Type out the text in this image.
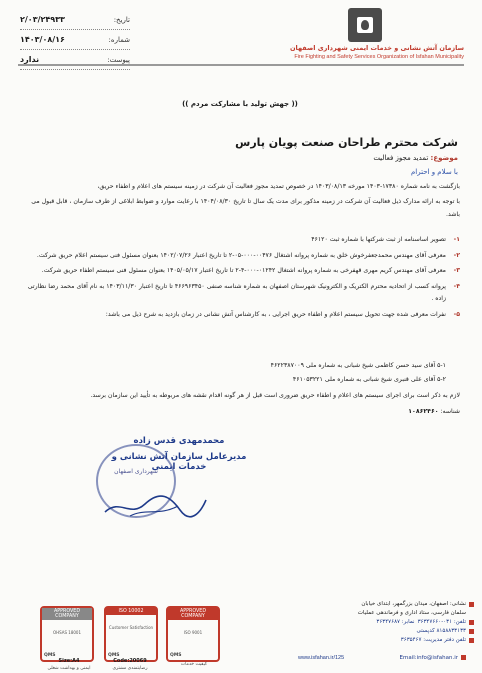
تاریخ:
۲/۰۳/۲۴۹۳۳
شماره:
۱۴۰۳/۰۸/۱۶
پیوست:
ندارد
سازمان آتش نشانی و خدمات ایمنی شهرداری اصفهان
Fire Fighting and Safety Services Organization of Isfahan Municipality
(( جهش تولید با مشارکت مردم ))
شرکت محترم طراحان صنعت پویان پارس
موضوع: تمدید مجوز فعالیت
با سلام و احترام
بازگشت به نامه شماره ۱۷۳۸۰-۱۴۰۳ مورخه ۱۴۰۳/۰۸/۱۳ در خصوص تمدید مجوز فعالیت آن شرکت در زمینه سیستم های اعلام و اطفاء حریق،
با توجه به ارائه مدارک ذیل فعالیت آن شرکت در زمینه مذکور برای مدت یک سال تا تاریخ ۱۴۰۴/۰۸/۳۰ با رعایت موارد و ضوابط ابلاغی از طرف سازمان ، قابل قبول می باشد.
۱-
تصویر اساسنامه از ثبت شرکتها با شماره ثبت ۴۶۱۲۰
۲-
معرفی آقای مهندس محمدجعفرخوش خلق به شماره پروانه اشتغال ۰۰۴۷۶-۰۰۰-۰۵-۲ تا تاریخ اعتبار ۱۴۰۲/۰۷/۲۶ بعنوان مسئول فنی سیستم اعلام حریق شرکت.
۳-
معرفی آقای مهندس کریم مهری قهفرخی به شماره پروانه اشتغال ۰۱۲۴۲-۰۰۰-۴-۲ تا تاریخ اعتبار ۱۴۰۵/۰۵/۱۷ بعنوان مسئول فنی سیستم اطفاء حریق شرکت.
۴-
پروانه کسب از اتحادیه محترم الکتریک و الکترونیک شهرستان اصفهان به شماره شناسه صنفی ۴۶۶۹۶۳۴۵۰ تا تاریخ اعتبار ۱۴۰۳/۱۱/۳۰ به نام آقای محمد رضا نظارتی زاده .
۵-
نفرات معرفی شده جهت تحویل سیستم اعلام و اطفاء حریق اجرایی ، به کارشناس آتش نشانی در زمان بازدید به شرح ذیل می باشد:
۵-۱ آقای سید حسن کاظمی شیخ شبانی به شماره ملی ۴۶۲۲۳۸۷۰۰۹
۵-۲ آقای علی قنبری شیخ شبانی به شماره ملی ۴۶۱۰۵۳۲۲۱
لازم به ذکر است برای اجرای سیستم های اعلام و اطفاء حریق ضروری است قبل از هر گونه اقدام نقشه های مربوطه به تأیید این سازمان برسد.
شناسه: ۱۰۸۶۲۴۶۰
شهرداری اصفهان
محمدمهدی قدس زاده
مدیرعامل سازمان آتش نشانی و خدمات ایمنی
APPROVED COMPANY
OHSAS 18001
QMS
ISO 10002
Customer Satisfaction
QMS
APPROVED COMPANY
ISO 9001
QMS
Size:A4	Code:20069
ایمنی و بهداشت شغلی	رضایتمندی مشتری
کیفیت خدمات
نشانی: اصفهان، میدان بزرگمهر، ابتدای خیابان
سلمان فارسی، ستاد اداری و فرماندهی عملیات
تلفن: ۰۳۱-۳۶۳۴۷۶۶۰
نمابر: ۳۶۳۴۷۶۸۷
۸۱۵۸۸۳۳۱۳۳ کدپستی
تلفن دفتر مدیریت: ۳۶۳۵۴۶۷
www.isfahan.ir/125	Email:info@isfahan.ir
